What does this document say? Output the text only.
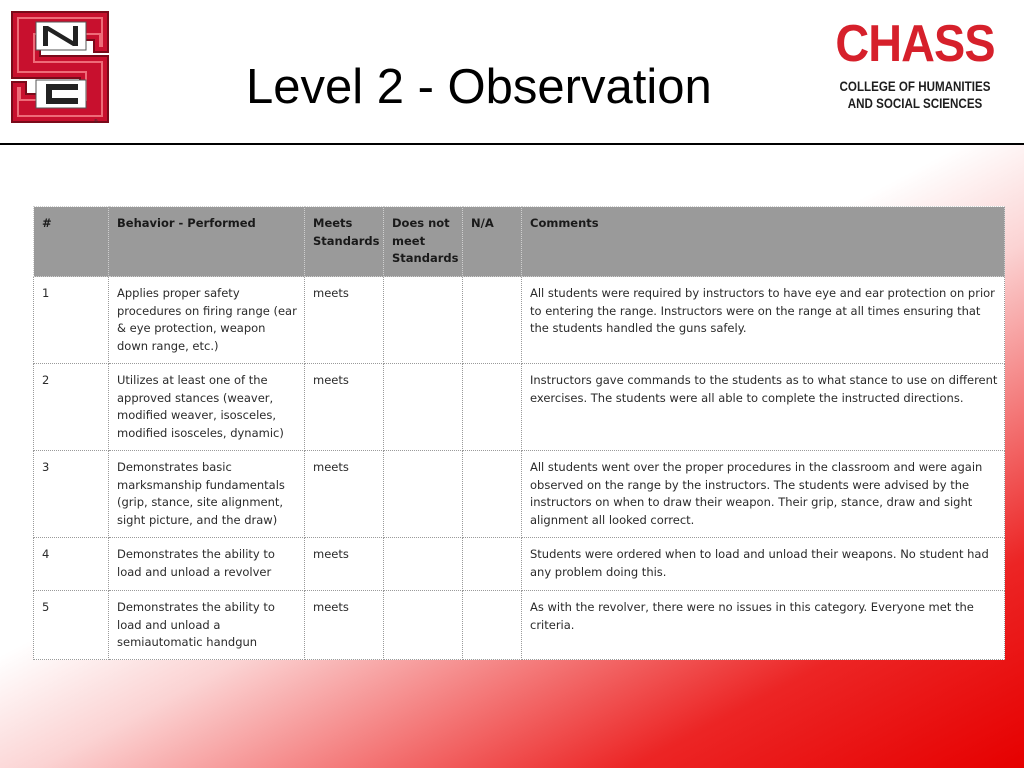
®
Level 2 - Observation
CHASS
COLLEGE OF HUMANITIES
AND SOCIAL SCIENCES
#	Behavior - Performed	Meets Standards	Does not meet Standards	N/A	Comments
1	Applies proper safety procedures on firing range (ear & eye protection, weapon down range, etc.)	meets			All students were required by instructors to have eye and ear protection on prior to entering the range. Instructors were on the range at all times ensuring that the students handled the guns safely.
2	Utilizes at least one of the approved stances (weaver, modified weaver, isosceles, modified isosceles, dynamic)	meets			Instructors gave commands to the students as to what stance to use on different exercises. The students were all able to complete the instructed directions.
3	Demonstrates basic marksmanship fundamentals (grip, stance, site alignment, sight picture, and the draw)	meets			All students went over the proper procedures in the classroom and were again observed on the range by the instructors. The students were advised by the instructors on when to draw their weapon. Their grip, stance, draw and sight alignment all looked correct.
4	Demonstrates the ability to load and unload a revolver	meets			Students were ordered when to load and unload their weapons. No student had any problem doing this.
5	Demonstrates the ability to load and unload a semiautomatic handgun	meets			As with the revolver, there were no issues in this category. Everyone met the criteria.
